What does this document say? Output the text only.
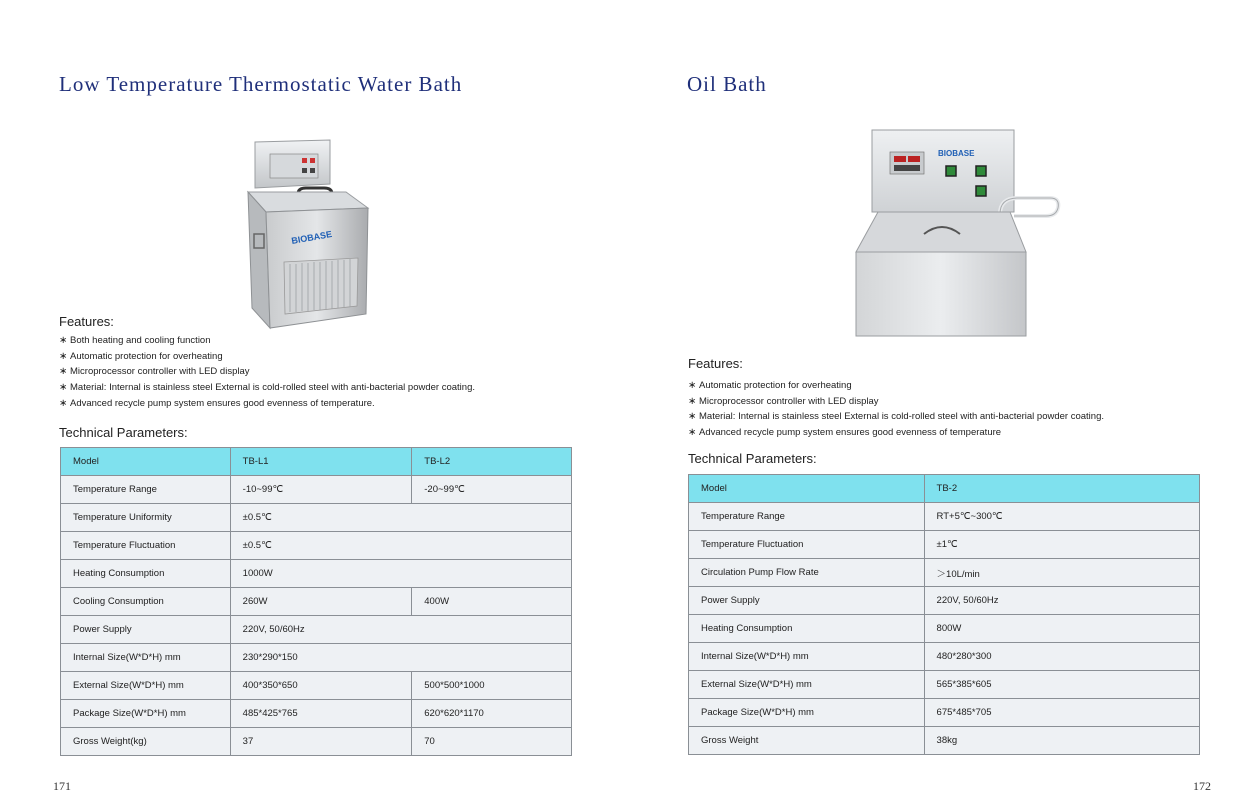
Low Temperature Thermostatic Water Bath
BIOBASE
Features:
∗ Both heating and cooling function
∗ Automatic protection for overheating
∗ Microprocessor controller with LED display
∗ Material: Internal is stainless steel External is cold-rolled steel with anti-bacterial powder coating.
∗ Advanced recycle pump system ensures good evenness of temperature.
Technical Parameters:
Model	TB-L1	TB-L2
Temperature Range	-10~99℃	-20~99℃
Temperature Uniformity	±0.5℃	
Temperature Fluctuation	±0.5℃	
Heating Consumption	1000W	
Cooling Consumption	260W	400W
Power Supply	220V, 50/60Hz	
Internal Size(W*D*H) mm	230*290*150	
External Size(W*D*H) mm	400*350*650	500*500*1000
Package Size(W*D*H) mm	485*425*765	620*620*1170
Gross Weight(kg)	37	70
171
Oil Bath
BIOBASE
Features:
∗ Automatic protection for overheating
∗ Microprocessor controller with LED display
∗ Material: Internal is stainless steel External is cold-rolled steel with anti-bacterial powder coating.
∗ Advanced recycle pump system ensures good evenness of temperature
Technical Parameters:
Model	TB-2
Temperature Range	RT+5℃~300℃
Temperature Fluctuation	±1℃
Circulation Pump Flow Rate	＞10L/min
Power Supply	220V, 50/60Hz
Heating Consumption	800W
Internal Size(W*D*H) mm	480*280*300
External Size(W*D*H) mm	565*385*605
Package Size(W*D*H) mm	675*485*705
Gross Weight	38kg
172
